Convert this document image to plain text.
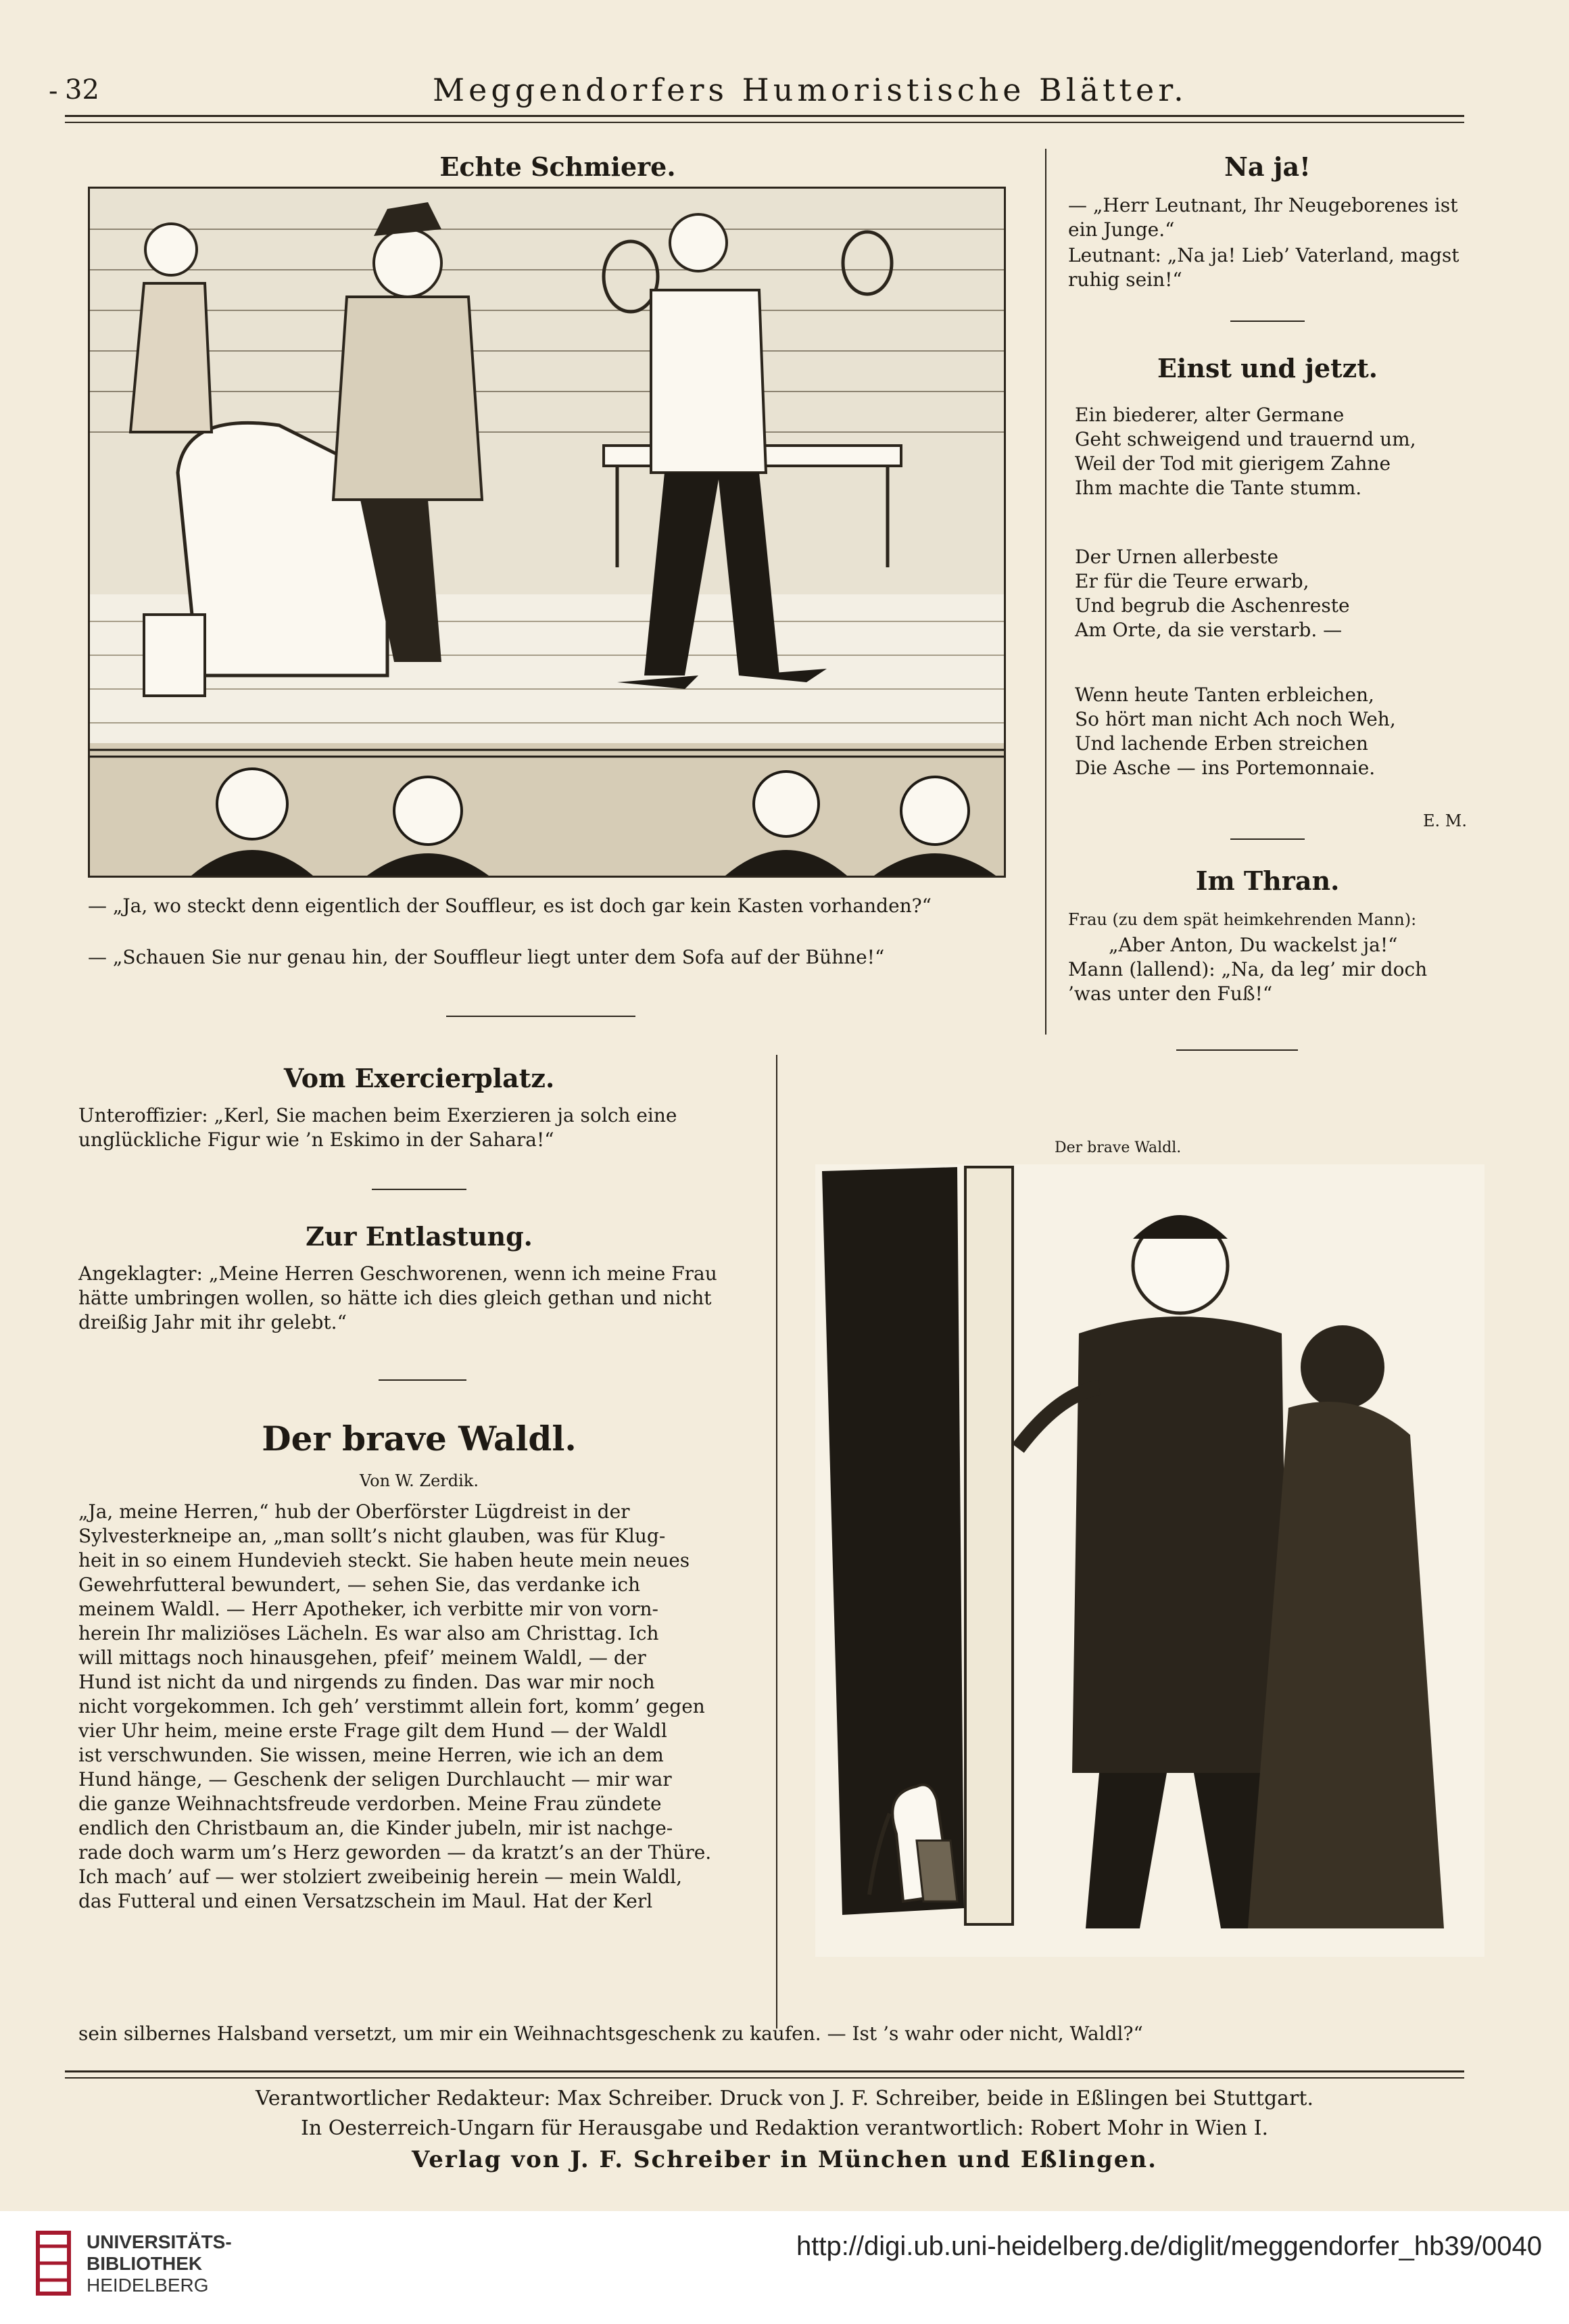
- 32	Meggendorfers Humoristische Blätter.
Echte Schmiere.
— „Ja, wo steckt denn eigentlich der Souffleur, es ist doch gar kein Kasten vorhanden?“
— „Schauen Sie nur genau hin, der Souffleur liegt unter dem Sofa auf der Bühne!“
Na ja!
— „Herr Leutnant, Ihr Neugeborenes ist ein Junge.“
Leutnant: „Na ja! Lieb’ Vaterland, magst ruhig sein!“
Einst und jetzt.

Ein biederer, alter Germane

Geht schweigend und trauernd um,

Weil der Tod mit gierigem Zahne

Ihm machte die Tante stumm.

Der Urnen allerbeste

Er für die Teure erwarb,

Und begrub die Aschenreste

Am Orte, da sie verstarb. —

Wenn heute Tanten erbleichen,

So hört man nicht Ach noch Weh,

Und lachende Erben streichen

Die Asche — ins Portemonnaie.

E. M.
Im Thran.
Frau (zu dem spät heimkehrenden Mann):
„Aber Anton, Du wackelst ja!“
Mann (lallend): „Na, da leg’ mir doch ’was unter den Fuß!“
Vom Exercierplatz.
Unteroffizier: „Kerl, Sie machen beim Exerzieren ja solch eine unglückliche Figur wie ’n Eskimo in der Sahara!“
Zur Entlastung.
Angeklagter: „Meine Herren Geschworenen, wenn ich meine Frau hätte umbringen wollen, so hätte ich dies gleich gethan und nicht dreißig Jahr mit ihr gelebt.“
Der brave Waldl.
Von W. Zerdik.

„Ja, meine Herren,“ hub der Oberförster Lügdreist in der

Sylvesterkneipe an, „man sollt’s nicht glauben, was für Klug-

heit in so einem Hundevieh steckt. Sie haben heute mein neues

Gewehrfutteral bewundert, — sehen Sie, das verdanke ich

meinem Waldl. — Herr Apotheker, ich verbitte mir von vorn-

herein Ihr maliziöses Lächeln. Es war also am Christtag. Ich

will mittags noch hinausgehen, pfeif’ meinem Waldl, — der

Hund ist nicht da und nirgends zu finden. Das war mir noch

nicht vorgekommen. Ich geh’ verstimmt allein fort, komm’ gegen

vier Uhr heim, meine erste Frage gilt dem Hund — der Waldl

ist verschwunden. Sie wissen, meine Herren, wie ich an dem

Hund hänge, — Geschenk der seligen Durchlaucht — mir war

die ganze Weihnachtsfreude verdorben. Meine Frau zündete

endlich den Christbaum an, die Kinder jubeln, mir ist nachge-

rade doch warm um’s Herz geworden — da kratzt’s an der Thüre.

Ich mach’ auf — wer stolziert zweibeinig herein — mein Waldl,

das Futteral und einen Versatzschein im Maul. Hat der Kerl

sein silbernes Halsband versetzt, um mir ein Weihnachtsgeschenk zu kaufen. — Ist ’s wahr oder nicht, Waldl?“
Der brave Waldl.
Verantwortlicher Redakteur: Max Schreiber. Druck von J. F. Schreiber, beide in Eßlingen bei Stuttgart.
In Oesterreich-Ungarn für Herausgabe und Redaktion verantwortlich: Robert Mohr in Wien I.
Verlag von J. F. Schreiber in München und Eßlingen.
UNIVERSITÄTS-
BIBLIOTHEK
HEIDELBERG
http://digi.ub.uni-heidelberg.de/diglit/meggendorfer_hb39/0040
